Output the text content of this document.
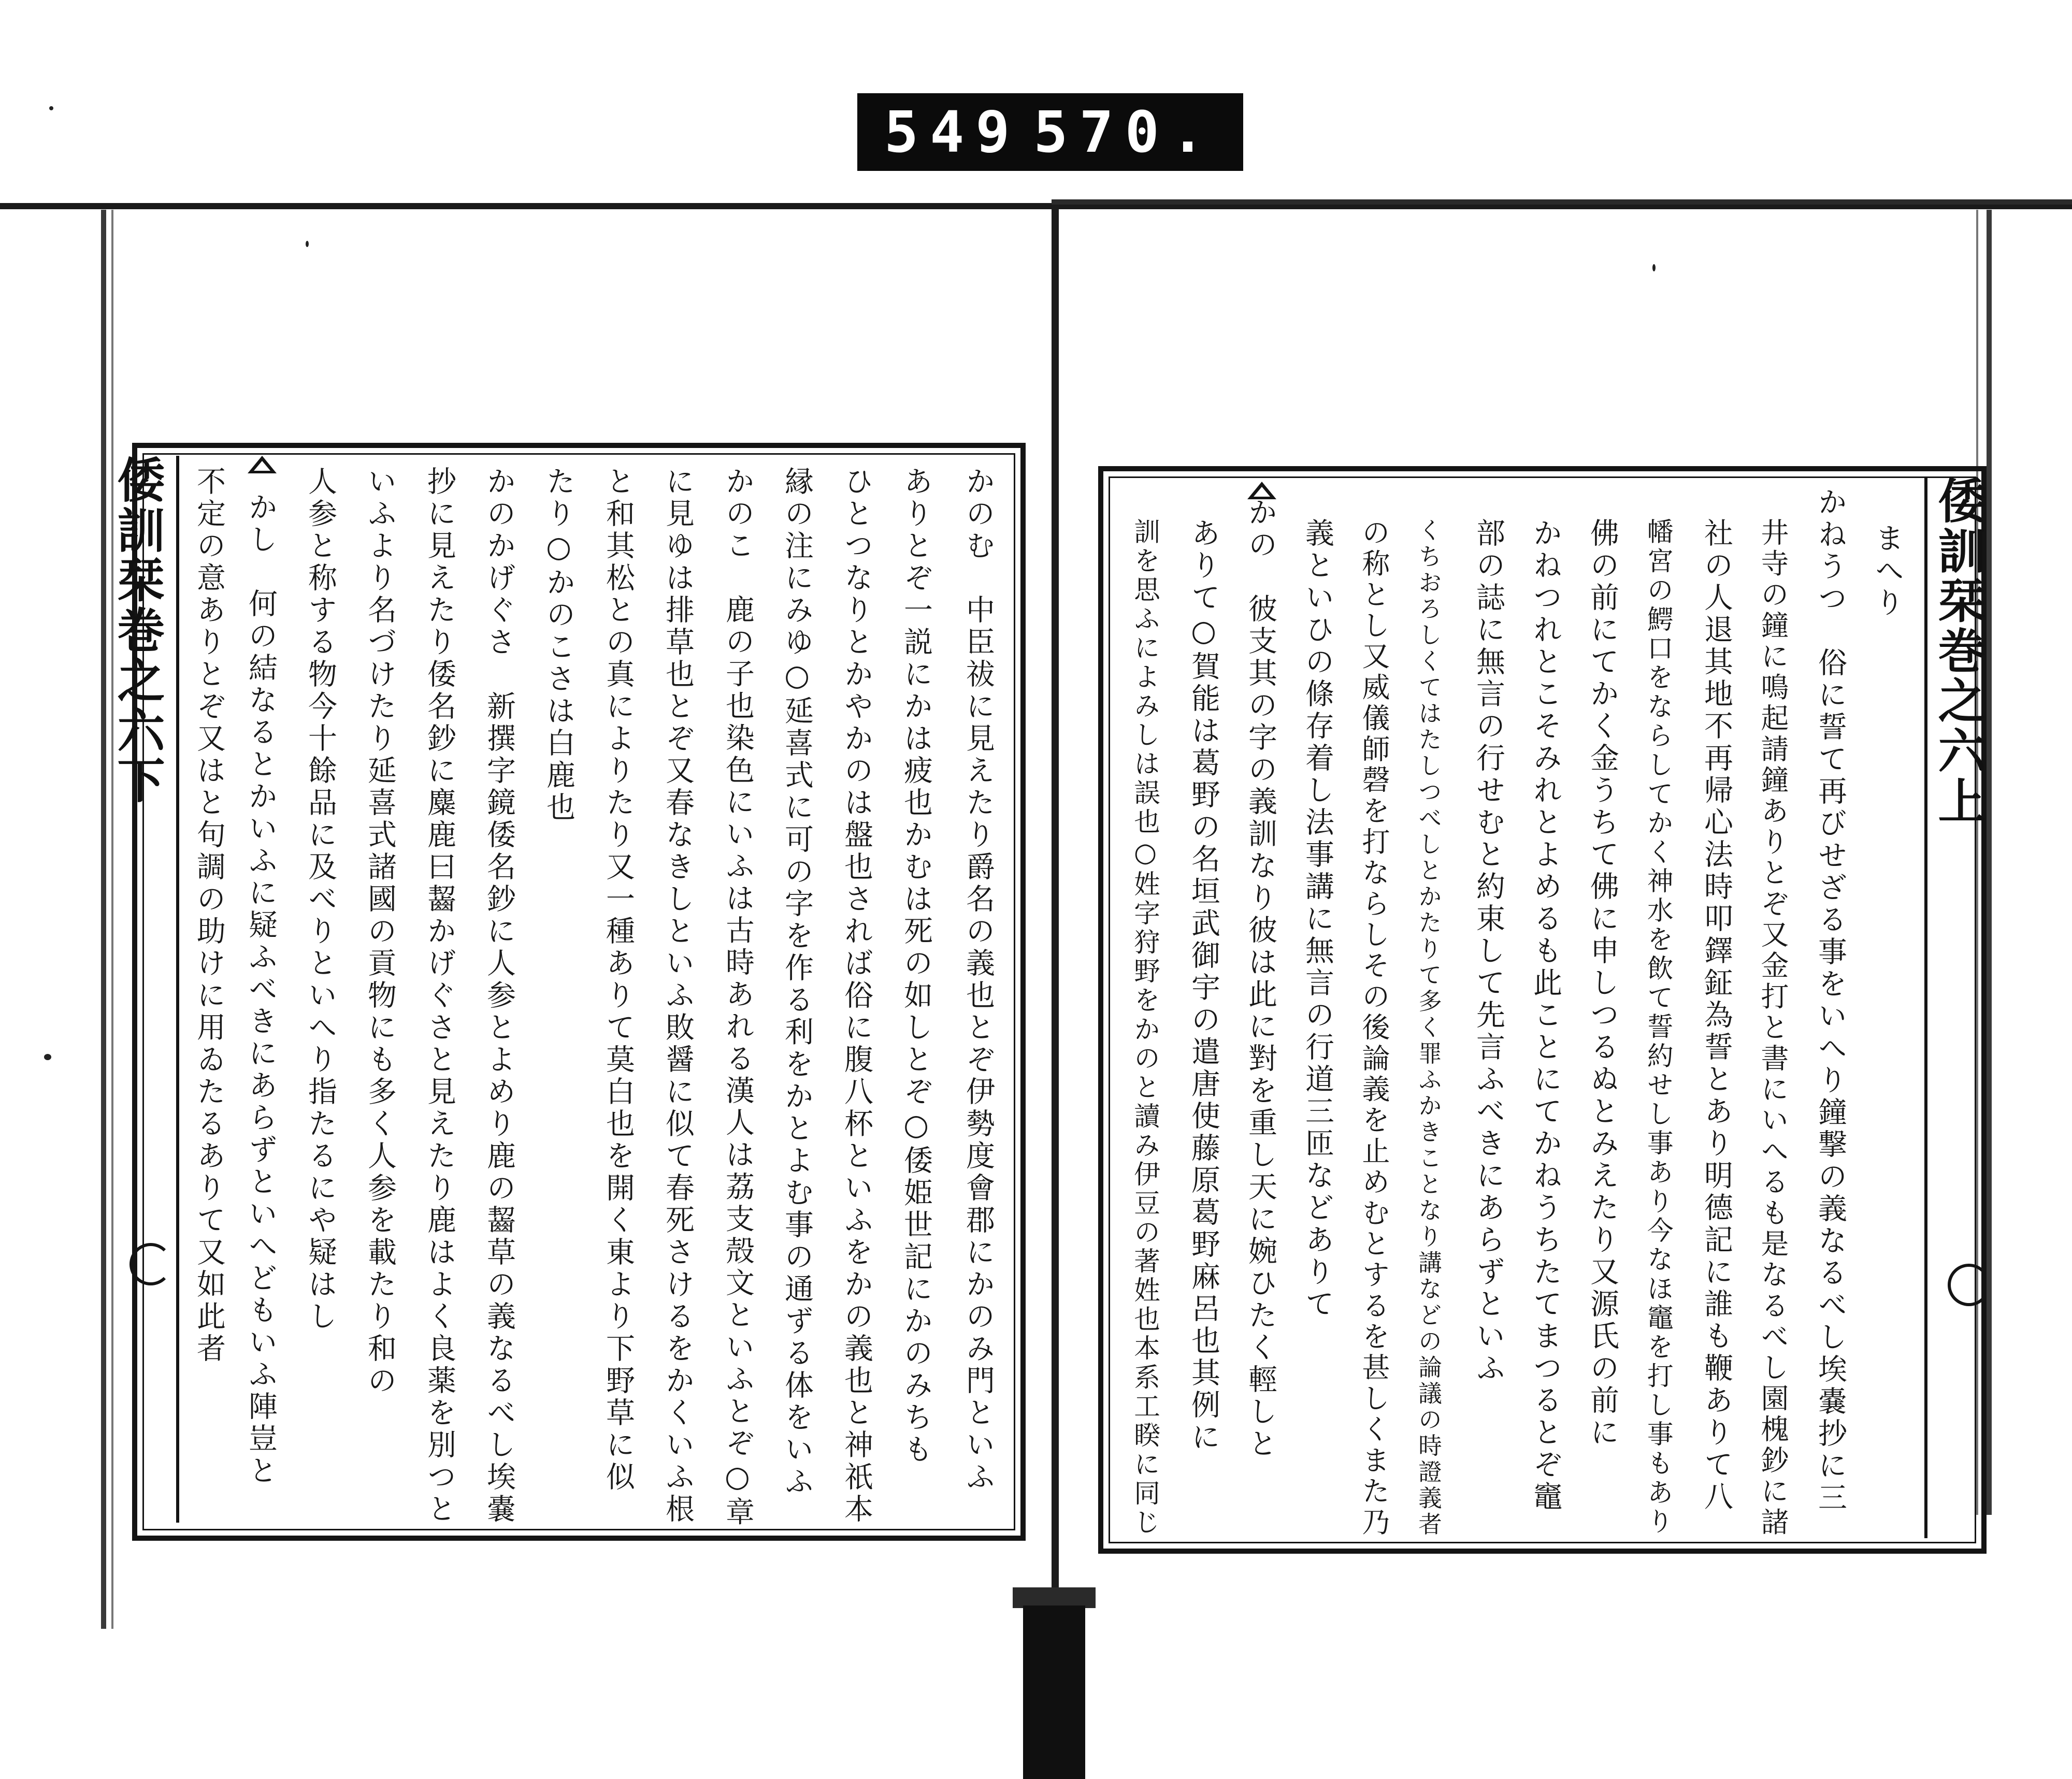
549 570.
倭
訓
栞
巻
之
六
下	かのむ　中臣祓に見えたり爵名の義也とぞ伊勢度會郡にかのみ門といふ
ありとぞ一説にかは疲也かむは死の如しとぞ○倭姫世記にかのみちも
ひとつなりとかやかのは盤也されば俗に腹八杯といふをかの義也と神祇本
縁の注にみゆ○延喜式に可の字を作る利をかとよむ事の通ずる体をいふ
かのこ　鹿の子也染色にいふは古時あれる漢人は荔支殻文といふとぞ○章
に見ゆは排草也とぞ又春なきしといふ敗醤に似て春死さけるをかくいふ根
と和其松との真によりたり又一種ありて莫白也を開く東より下野草に似
たり○かのこさは白鹿也
かのかげぐさ　新撰字鏡倭名鈔に人参とよめり鹿の齧草の義なるべし埃嚢
抄に見えたり倭名鈔に麋鹿曰齧かげぐさと見えたり鹿はよく良薬を別つと
いふより名づけたり延喜式諸國の貢物にも多く人参を載たり和の
人参と称する物今十餘品に及べりといへり指たるにや疑はし
かし　何の結なるとかいふに疑ふべきにあらずといへどもいふ陣豈と
不定の意ありとぞ又はと句調の助けに用ゐたるありて又如此者	倭
訓
栞
巻
之
六
上
まへり
かねうつ　俗に誓て再びせざる事をいへり鐘撃の義なるべし埃嚢抄に三
井寺の鐘に鳴起請鐘ありとぞ又金打と書にいへるも是なるべし園槐鈔に諸
社の人退其地不再帰心法時叩鐸鉦為誓とあり明德記に誰も鞭ありて八
幡宮の鰐口をならしてかく神水を飲て誓約せし事あり今なほ竈を打し事もあり
佛の前にてかく金うちて佛に申しつるぬとみえたり又源氏の前に
かねつれとこそみれとよめるも此ことにてかねうちたてまつるとぞ竈
部の誌に無言の行せむと約束して先言ふべきにあらずといふ
くちおろしくてはたしつべしとかたりて多く罪ふかきことなり講などの論議の時證義者
の称とし又威儀師磬を打ならしその後論義を止めむとするを甚しくまた乃
義といひの條存着し法事講に無言の行道三匝などありて
かの　彼支其の字の義訓なり彼は此に對を重し天に婉ひたく輕しと
ありて○賀能は葛野の名垣武御宇の遣唐使藤原葛野麻呂也其例に
訓を思ふによみしは誤也○姓字狩野をかのと讀み伊豆の著姓也本系工睽に同じ
